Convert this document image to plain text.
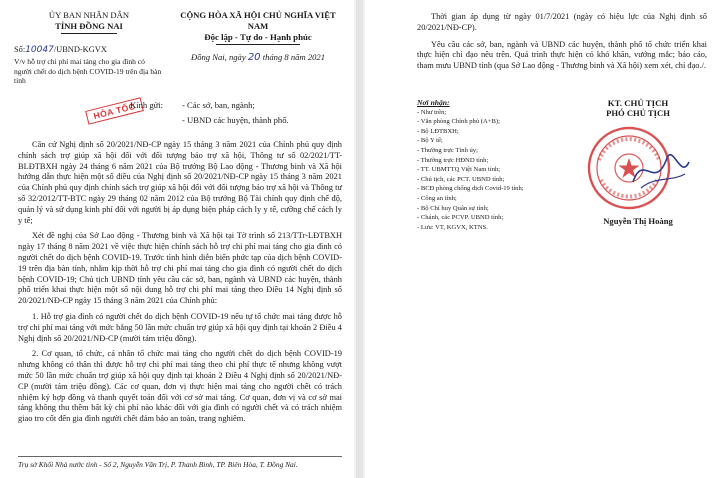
ỦY BAN NHÂN DÂN
TỈNH ĐỒNG NAI
Số:10047/UBND-KGVX
V/v hỗ trợ chi phí mai táng cho gia đình có người chết do dịch bệnh COVID-19 trên địa bàn tỉnh
CỘNG HÒA XÃ HỘI CHỦ NGHĨA VIỆT NAM
Độc lập - Tự do - Hạnh phúc
Đồng Nai, ngày 20 tháng 8 năm 2021
HỎA TỐC
Kính gửi:	- Các sở, ban, ngành;
- UBND các huyện, thành phố.

Căn cứ Nghị định số 20/2021/NĐ-CP ngày 15 tháng 3 năm 2021 của Chính phủ quy định chính sách trợ giúp xã hội đối với đối tượng bảo trợ xã hội, Thông tư số 02/2021/TT-BLĐTBXH ngày 24 tháng 6 năm 2021 của Bộ trưởng Bộ Lao động - Thương binh và Xã hội hướng dẫn thực hiện một số điều của Nghị định số 20/2021/NĐ-CP ngày 15 tháng 3 năm 2021 của Chính phủ quy định chính sách trợ giúp xã hội đối với đối tượng bảo trợ xã hội và Thông tư số 32/2012/TT-BTC ngày 29 tháng 02 năm 2012 của Bộ trưởng Bộ Tài chính quy định chế độ, quản lý và sử dụng kinh phí đối với người bị áp dụng biện pháp cách ly y tế, cưỡng chế cách ly y tế;

Xét đề nghị của Sở Lao động - Thương binh và Xã hội tại Tờ trình số 213/TTr-LĐTBXH ngày 17 tháng 8 năm 2021 về việc thực hiện chính sách hỗ trợ chi phí mai táng cho gia đình có người chết do dịch bệnh COVID-19. Trước tình hình diễn biến phức tạp của dịch bệnh COVID-19 trên địa bàn tỉnh, nhằm kịp thời hỗ trợ chi phí mai táng cho gia đình có người chết do dịch bệnh COVID-19; Chủ tịch UBND tỉnh yêu cầu các sở, ban, ngành và UBND các huyện, thành phố triển khai thực hiện một số nội dung hỗ trợ chi phí mai táng theo Điều 14 Nghị định số 20/2021/NĐ-CP ngày 15 tháng 3 năm 2021 của Chính phủ:

1. Hỗ trợ gia đình có người chết do dịch bệnh COVID-19 nếu tự tổ chức mai táng được hỗ trợ chi phí mai táng với mức bằng 50 lần mức chuẩn trợ giúp xã hội quy định tại khoản 2 Điều 4 Nghị định số 20/2021/NĐ-CP (mười tám triệu đồng).

2. Cơ quan, tổ chức, cá nhân tổ chức mai táng cho người chết do dịch bệnh COVID-19 nhưng không có thân thì được hỗ trợ chi phí mai táng theo chi phí thực tế nhưng không vượt mức 50 lần mức chuẩn trợ giúp xã hội quy định tại khoản 2 Điều 4 Nghị định số 20/2021/NĐ-CP (mười tám triệu đồng). Các cơ quan, đơn vị thực hiện mai táng cho người chết có trách nhiệm ký hợp đồng và thanh quyết toán đối với cơ sở mai táng. Cơ quan, đơn vị và cơ sở mai táng không thu thêm bất kỳ chi phí nào khác đối với gia đình có người chết và có trách nhiệm giao tro cốt đến gia đình người chết đảm bảo an toàn, trang nghiêm.

Trụ sở Khối Nhà nước tỉnh - Số 2, Nguyễn Văn Trị, P. Thanh Bình, TP. Biên Hòa, T. Đồng Nai.

Thời gian áp dụng từ ngày 01/7/2021 (ngày có hiệu lực của Nghị định số 20/2021/NĐ-CP).

Yêu cầu các sở, ban, ngành và UBND các huyện, thành phố tổ chức triển khai thực hiện chỉ đạo nêu trên. Quá trình thực hiện có khó khăn, vướng mắc; báo cáo, tham mưu UBND tỉnh (qua Sở Lao động - Thương binh và Xã hội) xem xét, chỉ đạo./.

Nơi nhận:
- Như trên;
- Văn phòng Chính phủ (A+B);
- Bộ LĐTBXH;
- Bộ Y tế;
- Thường trực Tỉnh ủy;
- Thường trực HĐND tỉnh;
- TT. UBMTTQ Việt Nam tỉnh;
- Chủ tịch, các PCT. UBND tỉnh;
- BCĐ phòng chống dịch Covid-19 tỉnh;
- Công an tỉnh;
- Bộ Chỉ huy Quân sự tỉnh;
- Chánh, các PCVP. UBND tỉnh;
- Lưu: VT, KGVX, KTNS.
KT. CHỦ TỊCH
PHÓ CHỦ TỊCH
Nguyễn Thị Hoàng
